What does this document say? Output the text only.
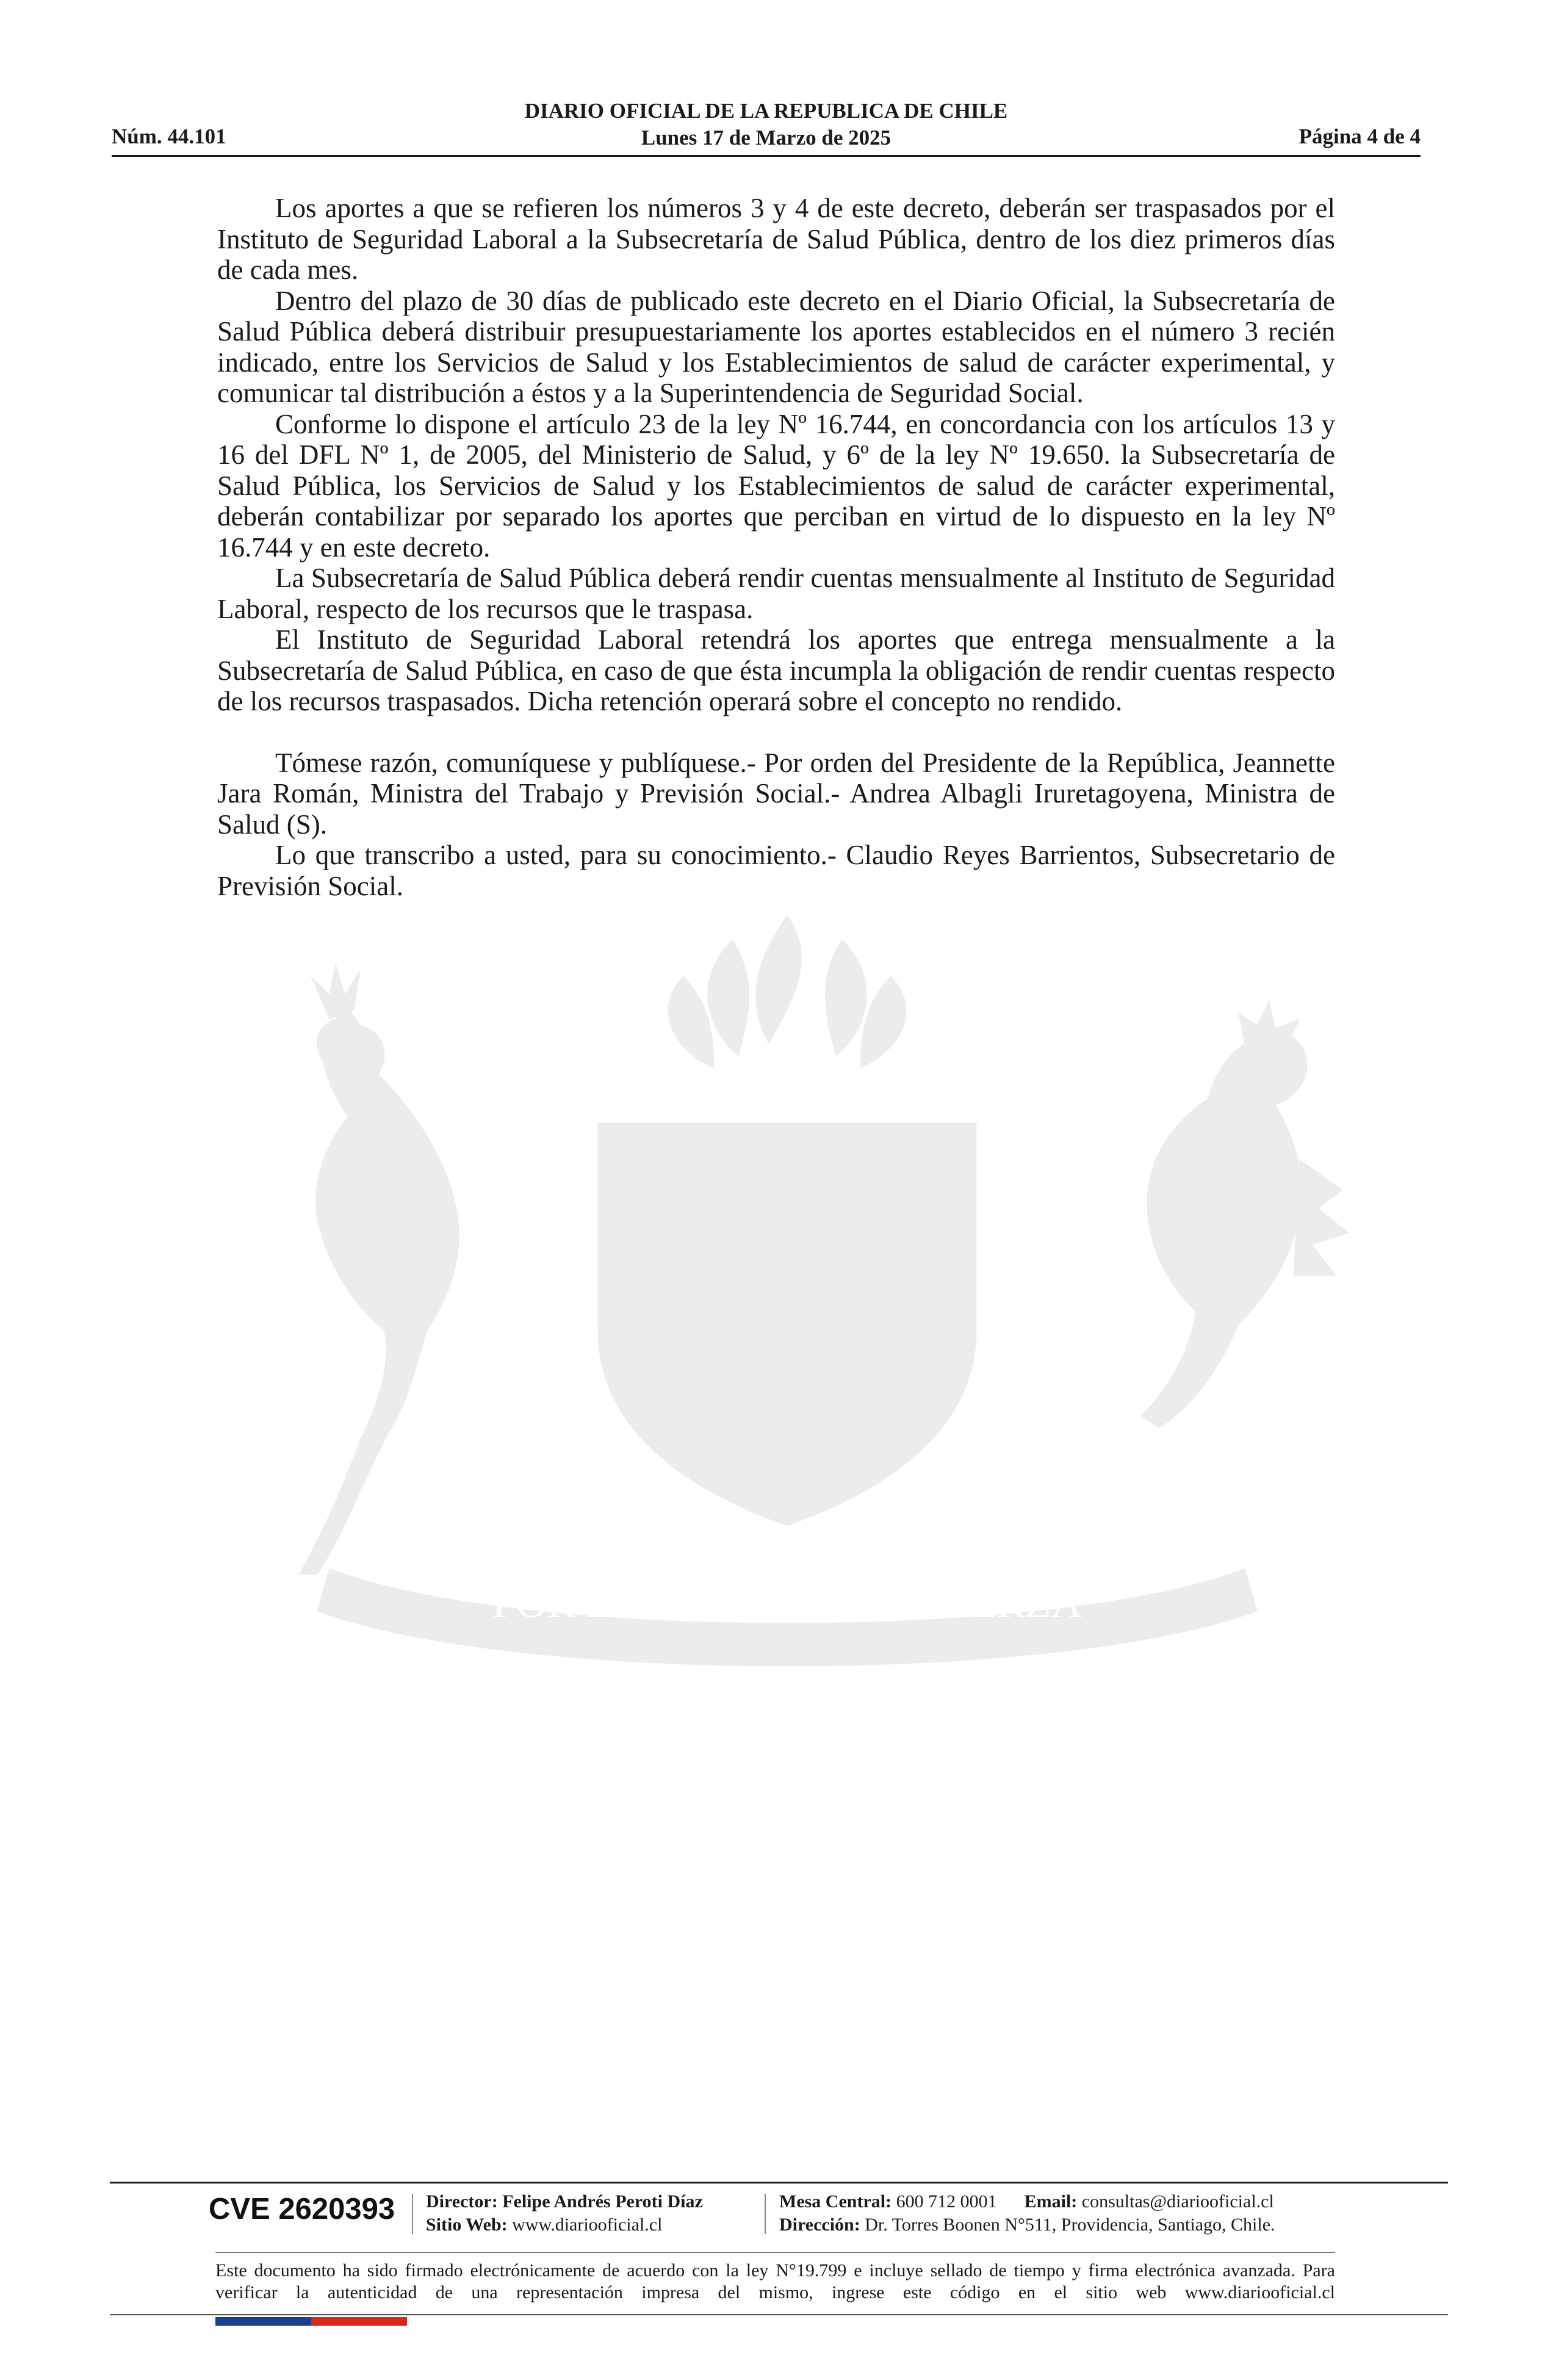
DIARIO OFICIAL DE LA REPUBLICA DE CHILE
Lunes 17 de Marzo de 2025
Núm. 44.101	Página 4 de 4
POR LA RAZON O LA FUERZA

Los aportes a que se refieren los números 3 y 4 de este decreto, deberán ser traspasados por el Instituto de Seguridad Laboral a la Subsecretaría de Salud Pública, dentro de los diez primeros días de cada mes.

Dentro del plazo de 30 días de publicado este decreto en el Diario Oficial, la Subsecretaría de Salud Pública deberá distribuir presupuestariamente los aportes establecidos en el número 3 recién indicado, entre los Servicios de Salud y los Establecimientos de salud de carácter experimental, y comunicar tal distribución a éstos y a la Superintendencia de Seguridad Social.

Conforme lo dispone el artículo 23 de la ley Nº 16.744, en concordancia con los artículos 13 y 16 del DFL Nº 1, de 2005, del Ministerio de Salud, y 6º de la ley Nº 19.650. la Subsecretaría de Salud Pública, los Servicios de Salud y los Establecimientos de salud de carácter experimental, deberán contabilizar por separado los aportes que perciban en virtud de lo dispuesto en la ley Nº 16.744 y en este decreto.

La Subsecretaría de Salud Pública deberá rendir cuentas mensualmente al Instituto de Seguridad Laboral, respecto de los recursos que le traspasa.

El Instituto de Seguridad Laboral retendrá los aportes que entrega mensualmente a la Subsecretaría de Salud Pública, en caso de que ésta incumpla la obligación de rendir cuentas respecto de los recursos traspasados. Dicha retención operará sobre el concepto no rendido.

Tómese razón, comuníquese y publíquese.- Por orden del Presidente de la República, Jeannette Jara Román, Ministra del Trabajo y Previsión Social.- Andrea Albagli Iruretagoyena, Ministra de Salud (S).

Lo que transcribo a usted, para su conocimiento.- Claudio Reyes Barrientos, Subsecretario de Previsión Social.

CVE 2620393 Director: Felipe Andrés Peroti Díaz
Sitio Web: www.diariooficial.cl
Mesa Central: 600 712 0001 Email: consultas@diariooficial.cl
Dirección: Dr. Torres Boonen N°511, Providencia, Santiago, Chile.
Este documento ha sido firmado electrónicamente de acuerdo con la ley N°19.799 e incluye sellado de tiempo y firma electrónica avanzada. Para verificar la autenticidad de una representación impresa del mismo, ingrese este código en el sitio web www.diariooficial.cl
